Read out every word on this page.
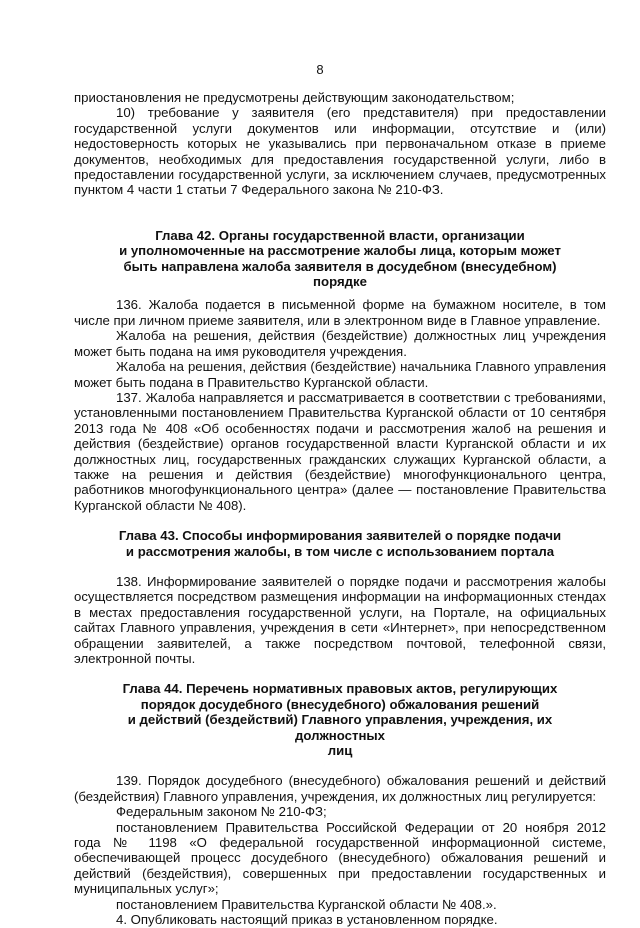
8

приостановления не предусмотрены действующим законодательством;

10) требование у заявителя (его представителя) при предоставлении государственной услуги документов или информации, отсутствие и (или) недостоверность которых не указывались при первоначальном отказе в приеме документов, необходимых для предоставления государственной услуги, либо в предоставлении государственной услуги, за исключением случаев, предусмотренных пунктом 4 части 1 статьи 7 Федерального закона № 210-ФЗ.

Глава 42. Органы государственной власти, организации
и уполномоченные на рассмотрение жалобы лица, которым может
быть направлена жалоба заявителя в досудебном (внесудебном)
порядке

136. Жалоба подается в письменной форме на бумажном носителе, в том числе при личном приеме заявителя, или в электронном виде в Главное управление.

Жалоба на решения, действия (бездействие) должностных лиц учреждения может быть подана на имя руководителя учреждения.

Жалоба на решения, действия (бездействие) начальника Главного управления может быть подана в Правительство Курганской области.

137. Жалоба направляется и рассматривается в соответствии с требованиями, установленными постановлением Правительства Курганской области от 10 сентября 2013 года № 408 «Об особенностях подачи и рассмотрения жалоб на решения и действия (бездействие) органов государственной власти Курганской области и их должностных лиц, государственных гражданских служащих Курганской области, а также на решения и действия (бездействие) многофункционального центра, работников многофункционального центра» (далее — постановление Правительства Курганской области № 408).

Глава 43. Способы информирования заявителей о порядке подачи
и рассмотрения жалобы, в том числе с использованием портала

138. Информирование заявителей о порядке подачи и рассмотрения жалобы осуществляется посредством размещения информации на информационных стендах в местах предоставления государственной услуги, на Портале, на официальных сайтах Главного управления, учреждения в сети «Интернет», при непосредственном обращении заявителей, а также посредством почтовой, телефонной связи, электронной почты.

Глава 44. Перечень нормативных правовых актов, регулирующих
порядок досудебного (внесудебного) обжалования решений
и действий (бездействий) Главного управления, учреждения, их должностных
лиц

139. Порядок досудебного (внесудебного) обжалования решений и действий (бездействия) Главного управления, учреждения, их должностных лиц регулируется:

Федеральным законом № 210-ФЗ;

постановлением Правительства Российской Федерации от 20 ноября 2012 года № 1198 «О федеральной государственной информационной системе, обеспечивающей процесс досудебного (внесудебного) обжалования решений и действий (бездействия), совершенных при предоставлении государственных и муниципальных услуг»;

постановлением Правительства Курганской области № 408.».

4. Опубликовать настоящий приказ в установленном порядке.
